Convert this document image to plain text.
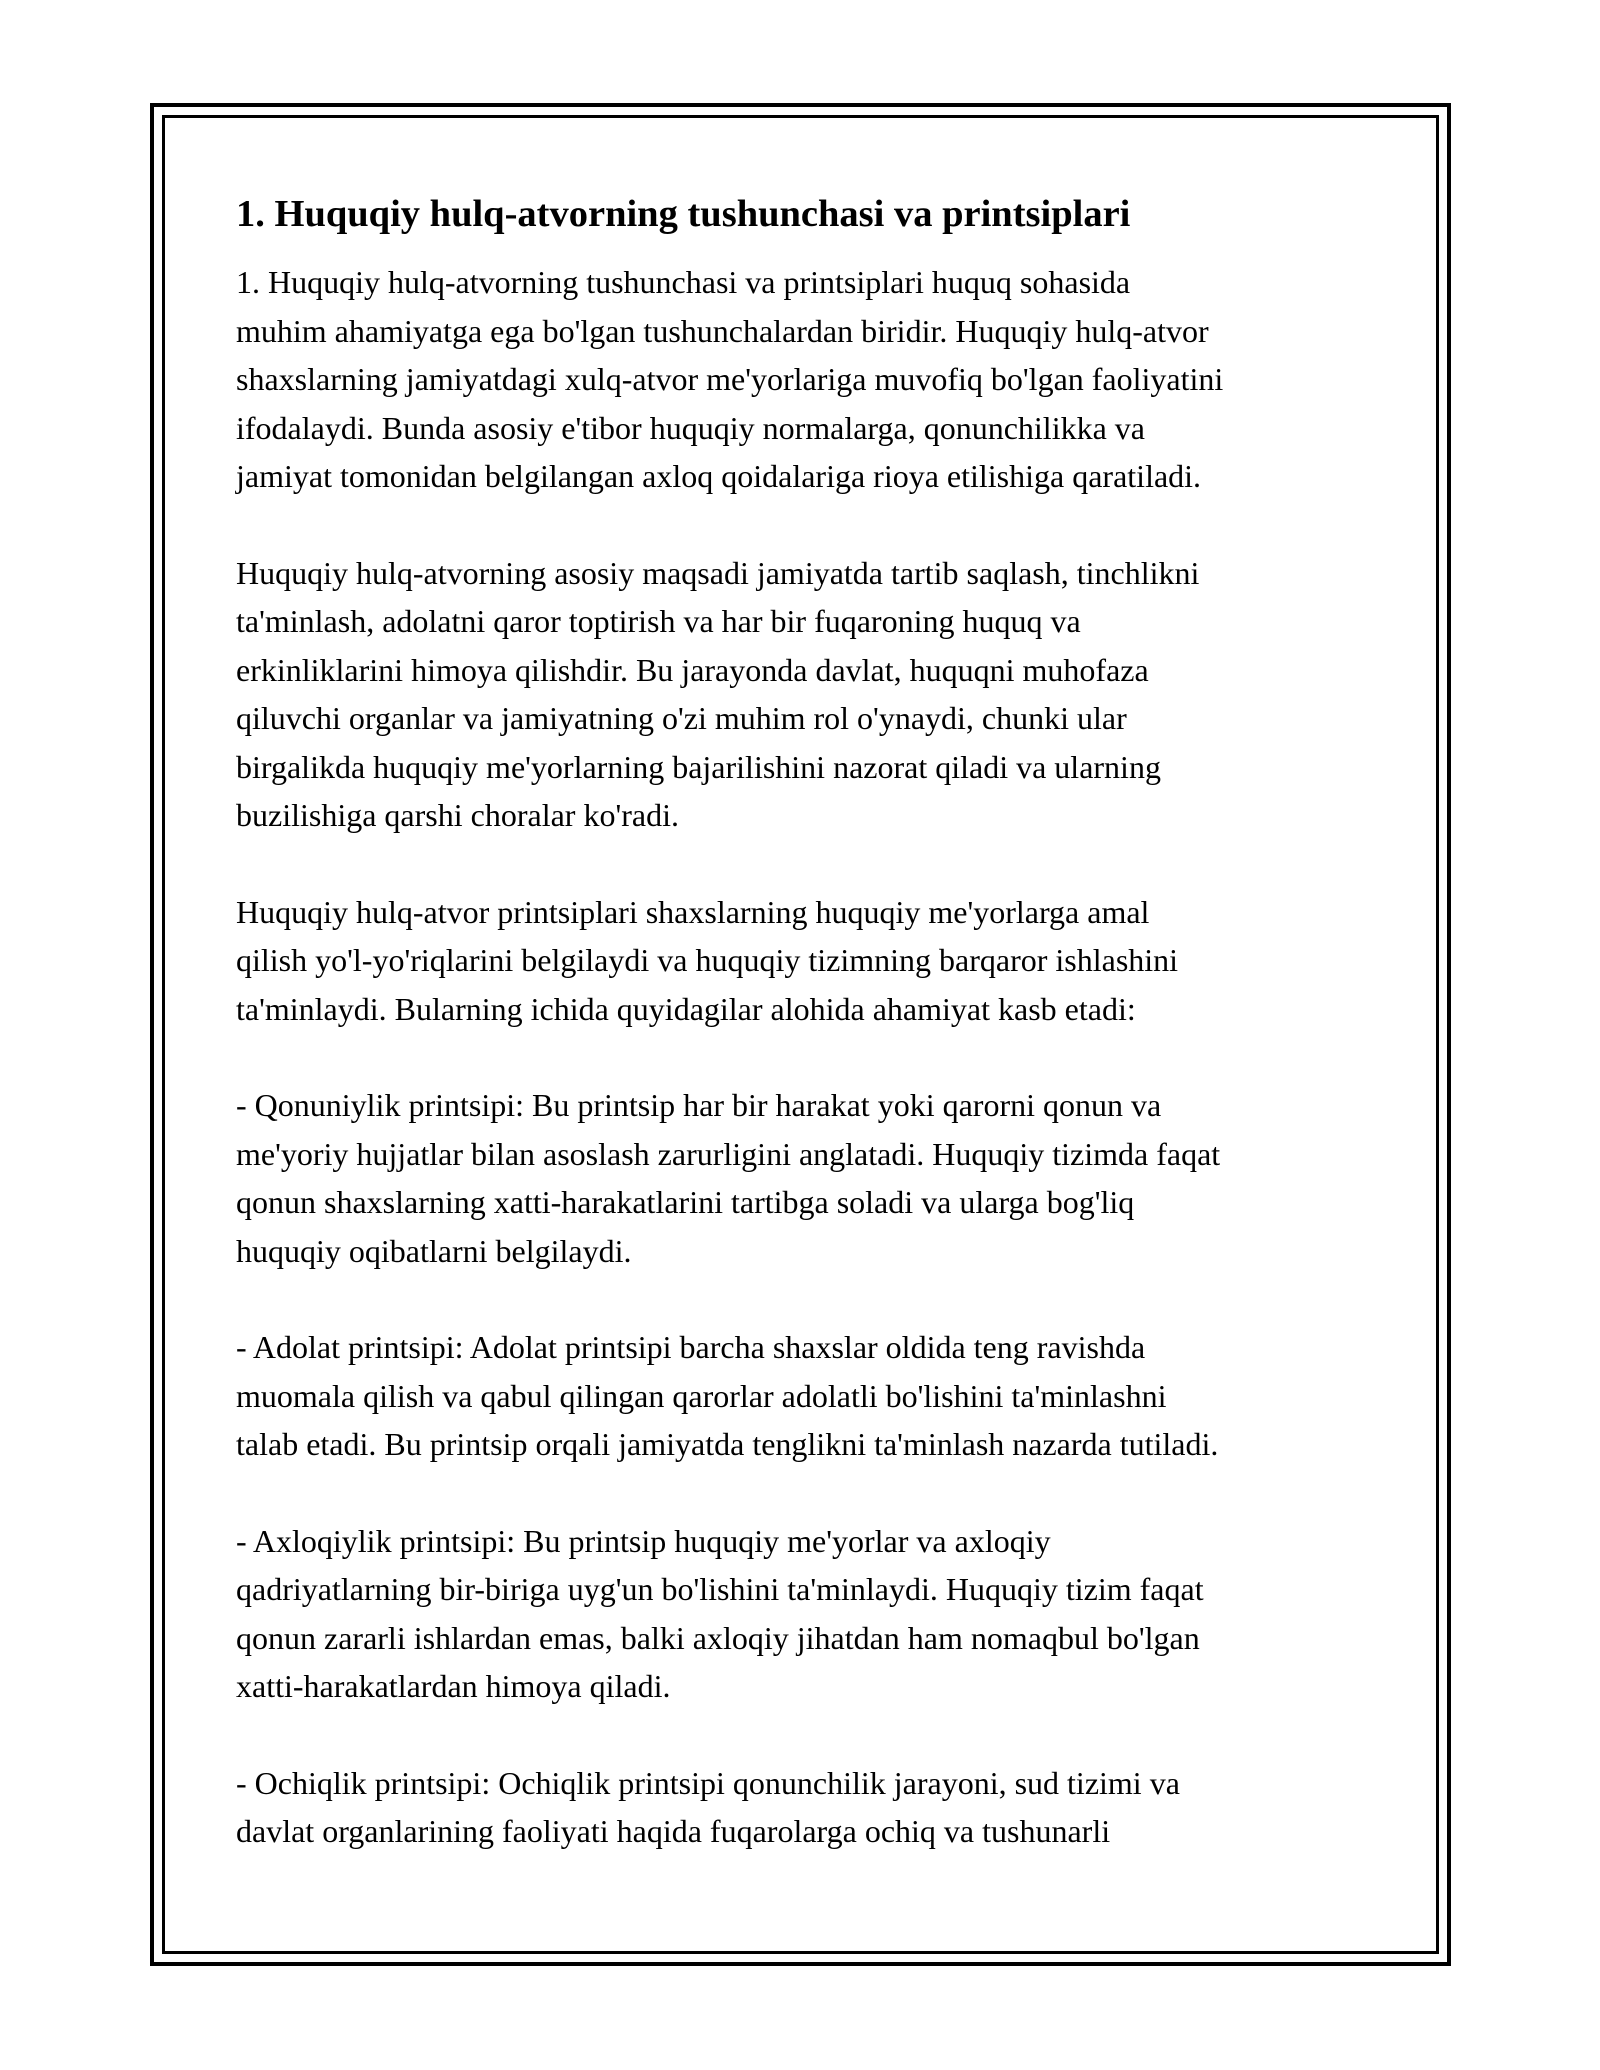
1. Huquqiy hulq-atvorning tushunchasi va printsiplari

1. Huquqiy hulq-atvorning tushunchasi va printsiplari huquq sohasida
muhim ahamiyatga ega bo'lgan tushunchalardan biridir. Huquqiy hulq-atvor
shaxslarning jamiyatdagi xulq-atvor me'yorlariga muvofiq bo'lgan faoliyatini
ifodalaydi. Bunda asosiy e'tibor huquqiy normalarga, qonunchilikka va
jamiyat tomonidan belgilangan axloq qoidalariga rioya etilishiga qaratiladi.

Huquqiy hulq-atvorning asosiy maqsadi jamiyatda tartib saqlash, tinchlikni
ta'minlash, adolatni qaror toptirish va har bir fuqaroning huquq va
erkinliklarini himoya qilishdir. Bu jarayonda davlat, huquqni muhofaza
qiluvchi organlar va jamiyatning o'zi muhim rol o'ynaydi, chunki ular
birgalikda huquqiy me'yorlarning bajarilishini nazorat qiladi va ularning
buzilishiga qarshi choralar ko'radi.

Huquqiy hulq-atvor printsiplari shaxslarning huquqiy me'yorlarga amal
qilish yo'l-yo'riqlarini belgilaydi va huquqiy tizimning barqaror ishlashini
ta'minlaydi. Bularning ichida quyidagilar alohida ahamiyat kasb etadi:

- Qonuniylik printsipi: Bu printsip har bir harakat yoki qarorni qonun va
me'yoriy hujjatlar bilan asoslash zarurligini anglatadi. Huquqiy tizimda faqat
qonun shaxslarning xatti-harakatlarini tartibga soladi va ularga bog'liq
huquqiy oqibatlarni belgilaydi.

- Adolat printsipi: Adolat printsipi barcha shaxslar oldida teng ravishda
muomala qilish va qabul qilingan qarorlar adolatli bo'lishini ta'minlashni
talab etadi. Bu printsip orqali jamiyatda tenglikni ta'minlash nazarda tutiladi.

- Axloqiylik printsipi: Bu printsip huquqiy me'yorlar va axloqiy
qadriyatlarning bir-biriga uyg'un bo'lishini ta'minlaydi. Huquqiy tizim faqat
qonun zararli ishlardan emas, balki axloqiy jihatdan ham nomaqbul bo'lgan
xatti-harakatlardan himoya qiladi.

- Ochiqlik printsipi: Ochiqlik printsipi qonunchilik jarayoni, sud tizimi va
davlat organlarining faoliyati haqida fuqarolarga ochiq va tushunarli
